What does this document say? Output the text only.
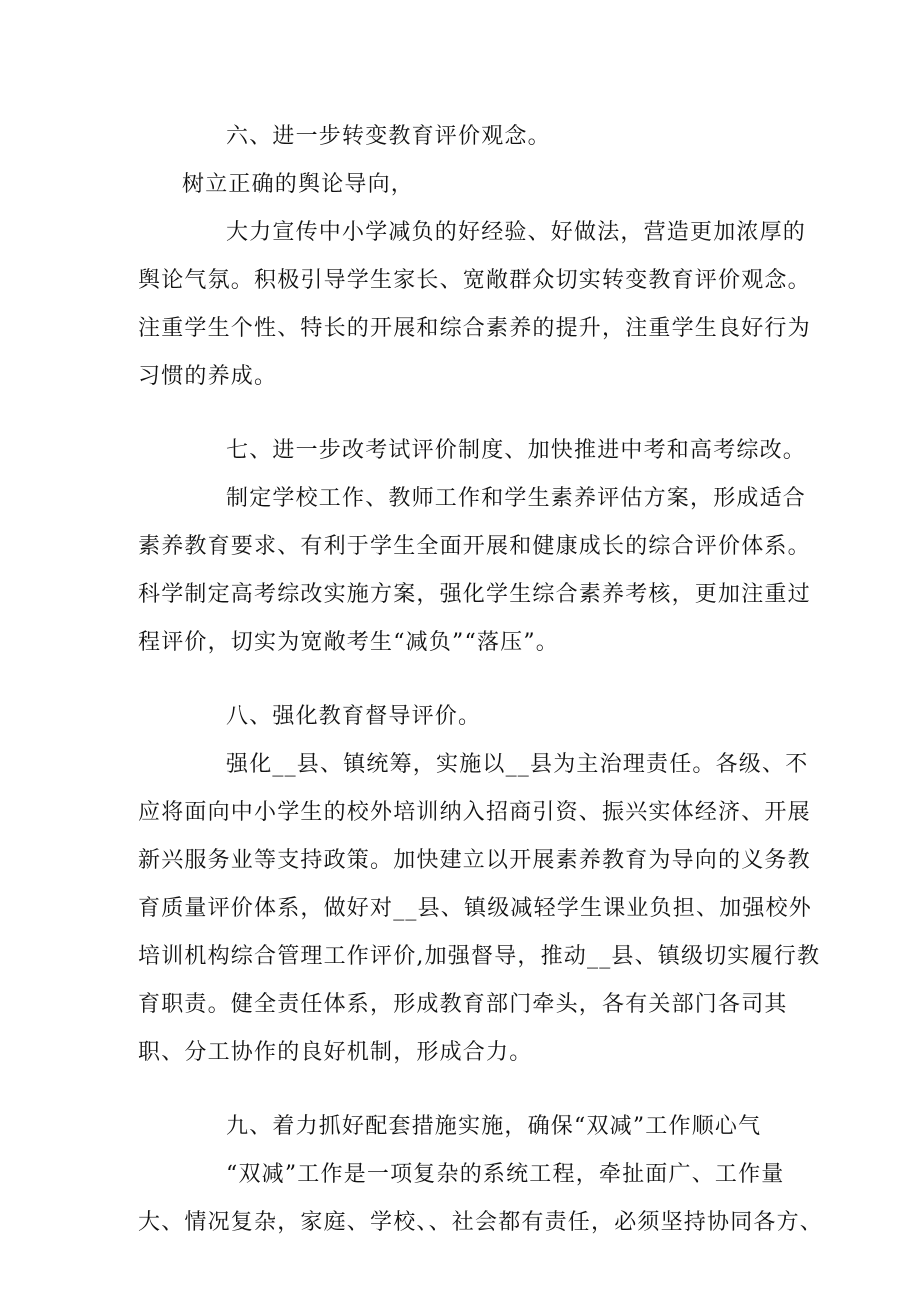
六、进一步转变教育评价观念。
树立正确的舆论导向，
大力宣传中小学减负的好经验、好做法，营造更加浓厚的
舆论气氛。积极引导学生家长、宽敞群众切实转变教育评价观念。
注重学生个性、特长的开展和综合素养的提升，注重学生良好行为
习惯的养成。
七、进一步改考试评价制度、加快推进中考和高考综改。
制定学校工作、教师工作和学生素养评估方案，形成适合
素养教育要求、有利于学生全面开展和健康成长的综合评价体系。
科学制定高考综改实施方案，强化学生综合素养考核，更加注重过
程评价，切实为宽敞考生“减负”“落压”。
八、强化教育督导评价。
强化__县、镇统筹，实施以__县为主治理责任。各级、不
应将面向中小学生的校外培训纳入招商引资、振兴实体经济、开展
新兴服务业等支持政策。加快建立以开展素养教育为导向的义务教
育质量评价体系，做好对__县、镇级减轻学生课业负担、加强校外
培训机构综合管理工作评价,加强督导，推动__县、镇级切实履行教
育职责。健全责任体系，形成教育部门牵头，各有关部门各司其
职、分工协作的良好机制，形成合力。
九、着力抓好配套措施实施，确保“双减”工作顺心气
“双减”工作是一项复杂的系统工程，牵扯面广、工作量
大、情况复杂，家庭、学校、、社会都有责任，必须坚持协同各方、
